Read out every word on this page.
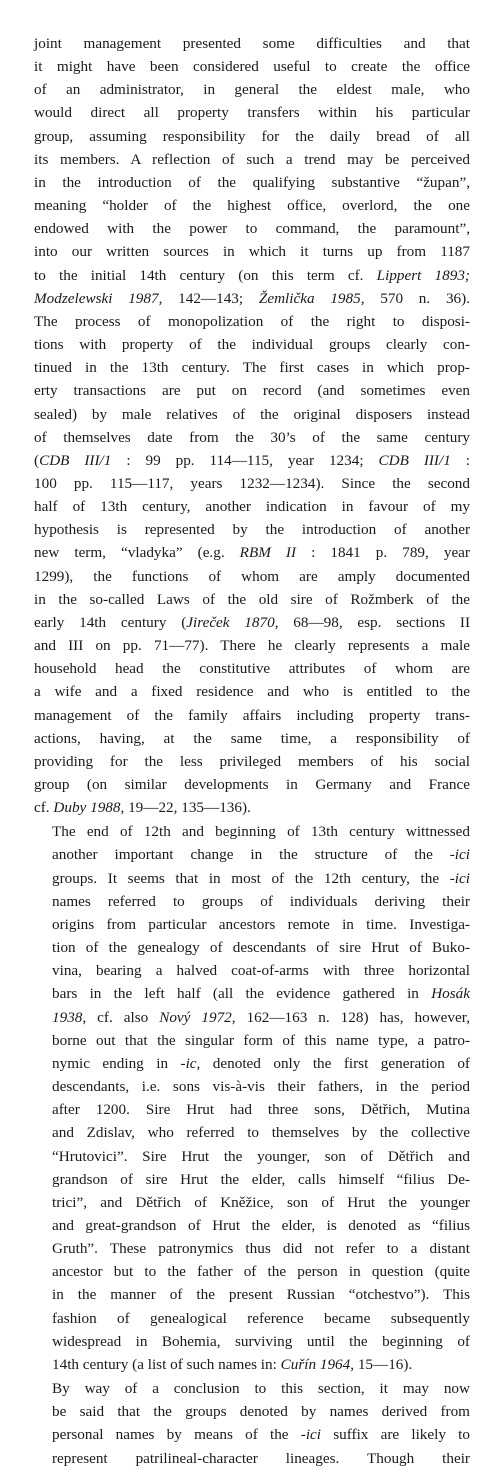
joint management presented some difficulties and that
it might have been considered useful to create the office
of an administrator, in general the eldest male, who
would direct all property transfers within his particular
group, assuming responsibility for the daily bread of all
its members. A reflection of such a trend may be perceived
in the introduction of the qualifying substantive “župan”,
meaning “holder of the highest office, overlord, the one
endowed with the power to command, the paramount”,
into our written sources in which it turns up from 1187
to the initial 14th century (on this term cf. Lippert 1893;
Modzelewski 1987, 142—143; Žemlička 1985, 570 n. 36).
The process of monopolization of the right to disposi-
tions with property of the individual groups clearly con-
tinued in the 13th century. The first cases in which prop-
erty transactions are put on record (and sometimes even
sealed) by male relatives of the original disposers instead
of themselves date from the 30’s of the same century
(CDB III/1 : 99 pp. 114—115, year 1234; CDB III/1 :
100 pp. 115—117, years 1232—1234). Since the second
half of 13th century, another indication in favour of my
hypothesis is represented by the introduction of another
new term, “vladyka” (e.g. RBM II : 1841 p. 789, year
1299), the functions of whom are amply documented
in the so-called Laws of the old sire of Rožmberk of the
early 14th century (Jireček 1870, 68—98, esp. sections II
and III on pp. 71—77). There he clearly represents a male
household head the constitutive attributes of whom are
a wife and a fixed residence and who is entitled to the
management of the family affairs including property trans-
actions, having, at the same time, a responsibility of
providing for the less privileged members of his social
group (on similar developments in Germany and France
cf. Duby 1988, 19—22, 135—136).
The end of 12th and beginning of 13th century wittnessed
another important change in the structure of the -ici
groups. It seems that in most of the 12th century, the -ici
names referred to groups of individuals deriving their
origins from particular ancestors remote in time. Investiga-
tion of the genealogy of descendants of sire Hrut of Buko-
vina, bearing a halved coat-of-arms with three horizontal
bars in the left half (all the evidence gathered in Hosák
1938, cf. also Nový 1972, 162—163 n. 128) has, however,
borne out that the singular form of this name type, a patro-
nymic ending in -ic, denoted only the first generation of
descendants, i.e. sons vis-à-vis their fathers, in the period
after 1200. Sire Hrut had three sons, Dětřich, Mutina
and Zdislav, who referred to themselves by the collective
“Hrutovici”. Sire Hrut the younger, son of Dětřich and
grandson of sire Hrut the elder, calls himself “filius De-
trici”, and Dětřich of Kněžice, son of Hrut the younger
and great-grandson of Hrut the elder, is denoted as “filius
Gruth”. These patronymics thus did not refer to a distant
ancestor but to the father of the person in question (quite
in the manner of the present Russian “otchestvo”). This
fashion of genealogical reference became subsequently
widespread in Bohemia, surviving until the beginning of
14th century (a list of such names in: Cuřín 1964, 15—16).
By way of a conclusion to this section, it may now
be said that the groups denoted by names derived from
personal names by means of the -ici suffix are likely to
represent patrilineal-character lineages. Though their
